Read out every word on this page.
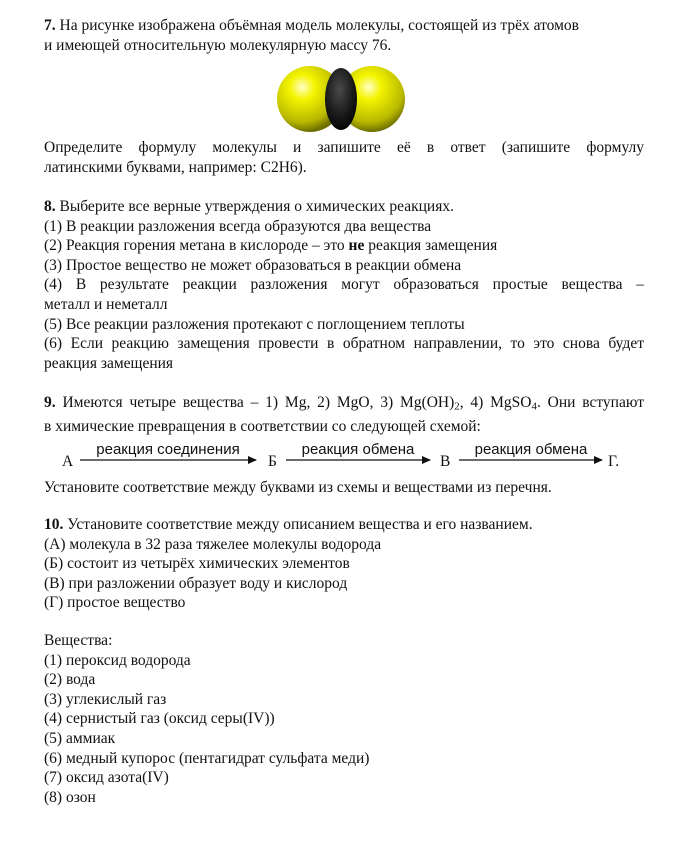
7. На рисунке изображена объёмная модель молекулы, состоящей из трёх атомов
и имеющей относительную молекулярную массу 76.

Определите формулу молекулы и запишите её в ответ (запишите формулу
латинскими буквами, например: С2Н6).

8. Выберите все верные утверждения о химических реакциях.
(1) В реакции разложения всегда образуются два вещества
(2) Реакция горения метана в кислороде – это не реакция замещения
(3) Простое вещество не может образоваться в реакции обмена
(4) В результате реакции разложения могут образоваться простые вещества –
металл и неметалл
(5) Все реакции разложения протекают с поглощением теплоты
(6) Если реакцию замещения провести в обратном направлении, то это снова будет
реакция замещения

9. Имеются четыре вещества – 1) Mg, 2) MgO, 3) $Mg(OH)_2$, 4) MgSO$_4$. Они вступают
в химические превращения в соответствии со следующей схемой:

А
реакция соединения
Б
реакция обмена
В
реакция обмена
Г.

Установите соответствие между буквами из схемы и веществами из перечня.

10. Установите соответствие между описанием вещества и его названием.
(А) молекула в 32 раза тяжелее молекулы водорода
(Б) состоит из четырёх химических элементов
(В) при разложении образует воду и кислород
(Г) простое вещество

Вещества:
(1) пероксид водорода
(2) вода
(3) углекислый газ
(4) сернистый газ (оксид серы(IV))
(5) аммиак
(6) медный купорос (пентагидрат сульфата меди)
(7) оксид азота(IV)
(8) озон
